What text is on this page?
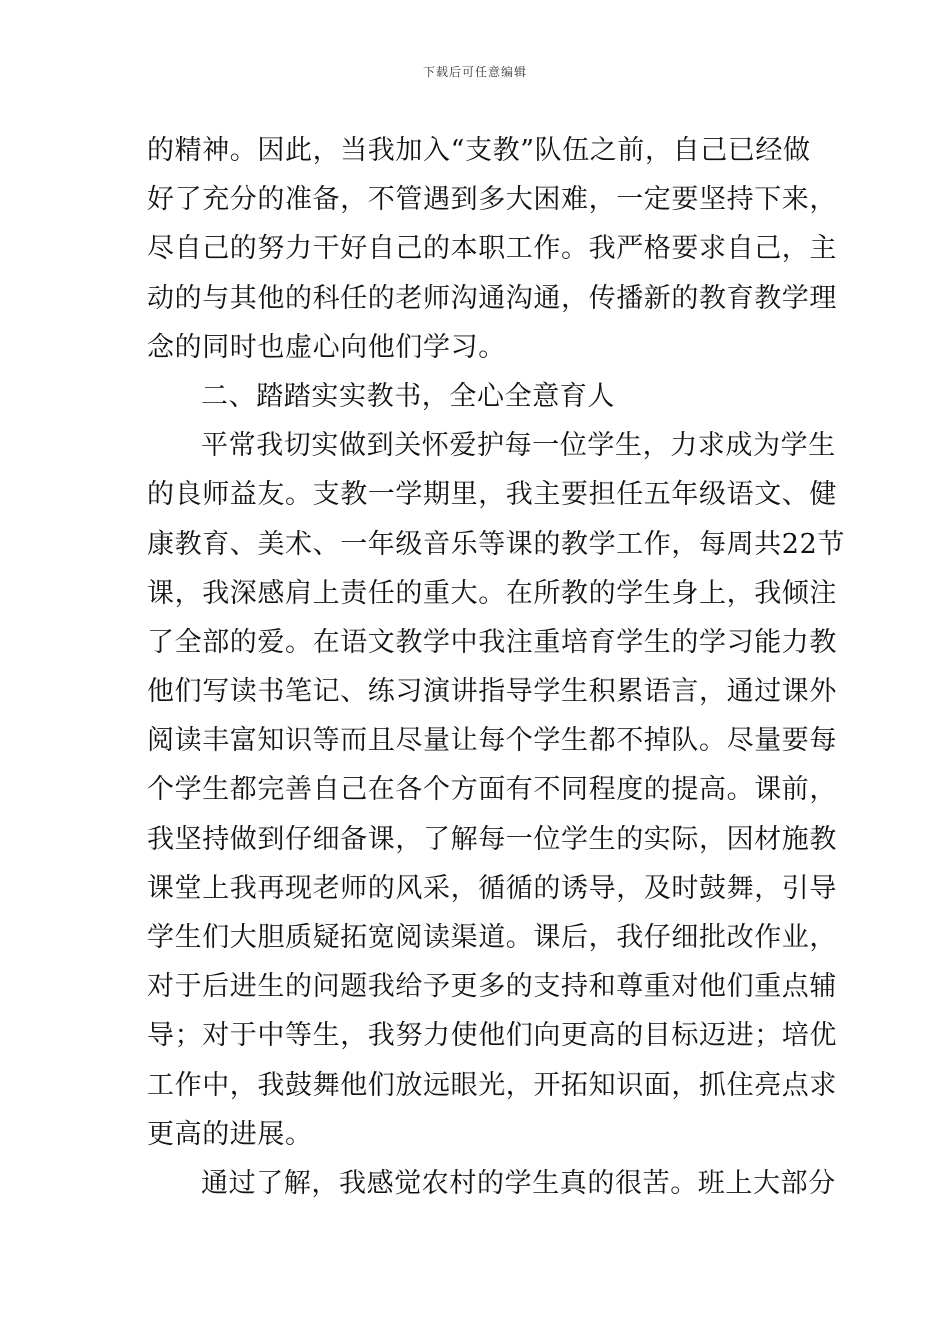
下载后可任意编辑
的精神。因此，当我加入“支教”队伍之前，自己已经做
好了充分的准备，不管遇到多大困难，一定要坚持下来，
尽自己的努力干好自己的本职工作。我严格要求自己，主
动的与其他的科任的老师沟通沟通，传播新的教育教学理
念的同时也虚心向他们学习。
二、踏踏实实教书，全心全意育人
平常我切实做到关怀爱护每一位学生，力求成为学生
的良师益友。支教一学期里，我主要担任五年级语文、健
康教育、美术、一年级音乐等课的教学工作，每周共22节
课，我深感肩上责任的重大。在所教的学生身上，我倾注
了全部的爱。在语文教学中我注重培育学生的学习能力教
他们写读书笔记、练习演讲指导学生积累语言，通过课外
阅读丰富知识等而且尽量让每个学生都不掉队。尽量要每
个学生都完善自己在各个方面有不同程度的提高。课前，
我坚持做到仔细备课，了解每一位学生的实际，因材施教
课堂上我再现老师的风采，循循的诱导，及时鼓舞，引导
学生们大胆质疑拓宽阅读渠道。课后，我仔细批改作业，
对于后进生的问题我给予更多的支持和尊重对他们重点辅
导；对于中等生，我努力使他们向更高的目标迈进；培优
工作中，我鼓舞他们放远眼光，开拓知识面，抓住亮点求
更高的进展。
通过了解，我感觉农村的学生真的很苦。班上大部分
